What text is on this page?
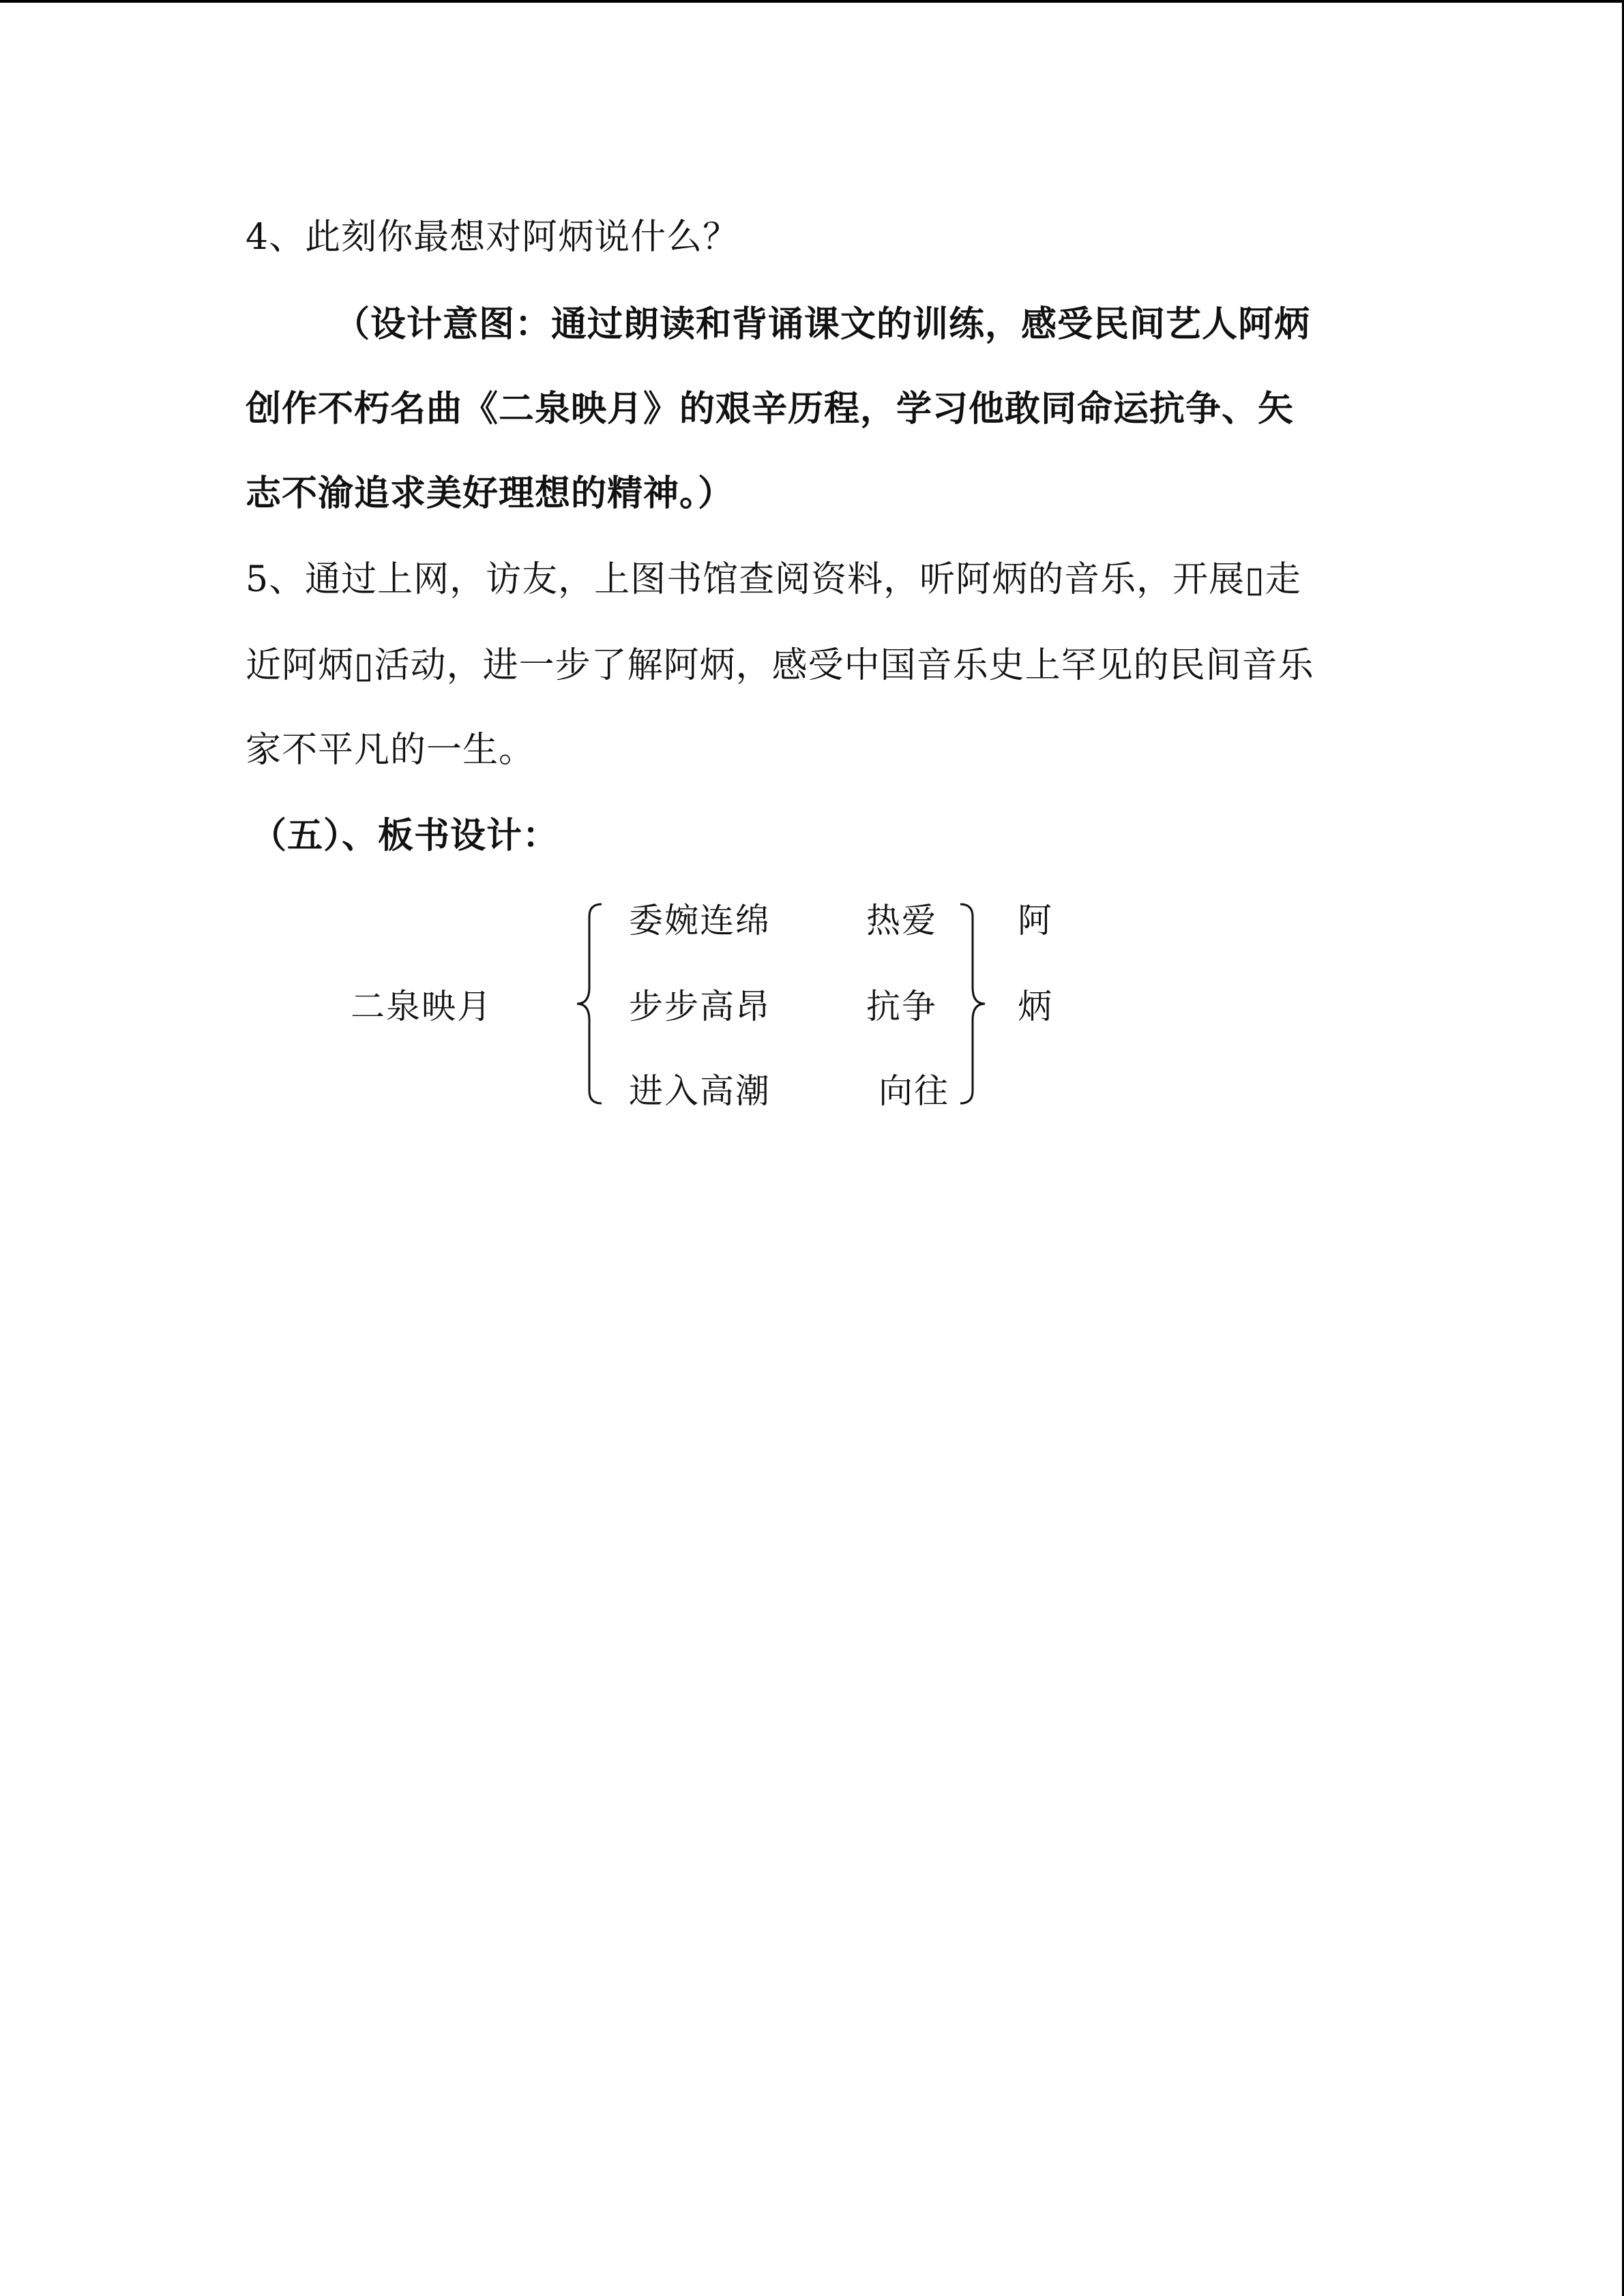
4、此刻你最想对阿炳说什么？
（设计意图：通过朗读和背诵课文的训练，感受民间艺人阿炳
创作不朽名曲《二泉映月》的艰辛历程，学习他敢同命运抗争、矢
志不渝追求美好理想的精神。）
5、通过上网，访友，上图书馆查阅资料，听阿炳的音乐，开展▯走
近阿炳▯活动，进一步了解阿炳，感受中国音乐史上罕见的民间音乐
家不平凡的一生。
（五）、板书设计：
二泉映月
委婉连绵
步步高昂
进入高潮
热爱
抗争
向往
阿
炳
